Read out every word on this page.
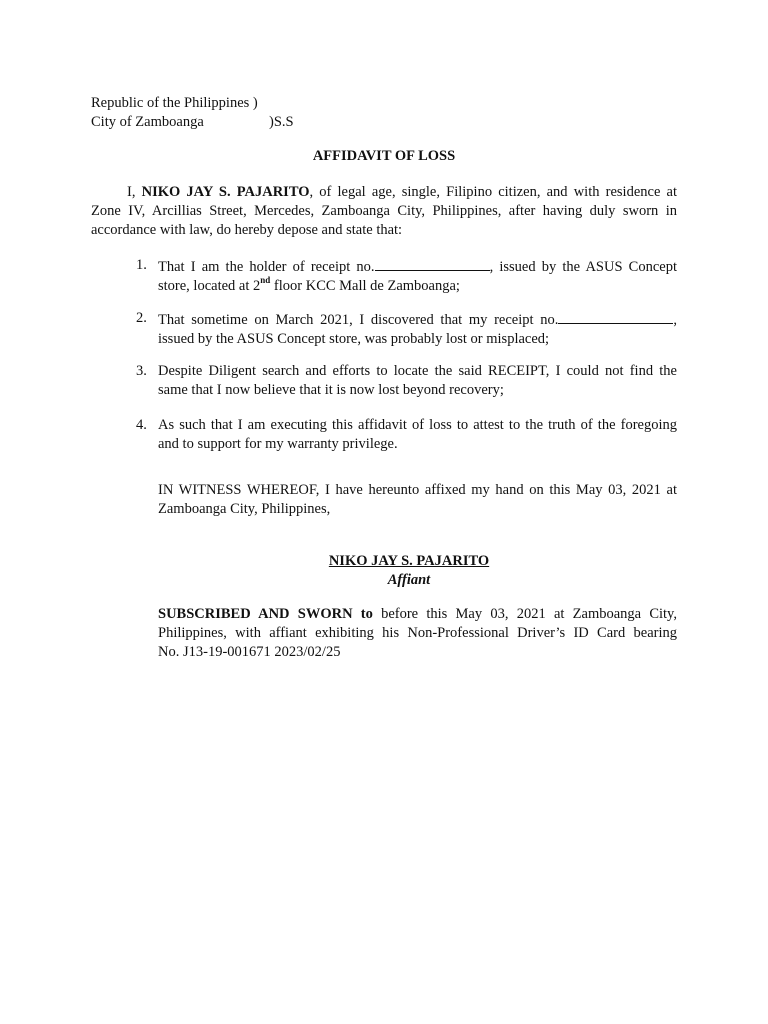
Republic of the Philippines )
City of Zamboanga	)S.S
AFFIDAVIT OF LOSS
I, NIKO JAY S. PAJARITO, of legal age, single, Filipino citizen, and with residence at
Zone IV, Arcillias Street, Mercedes, Zamboanga City, Philippines, after having duly sworn in
accordance with law, do hereby depose and state that:
1. That I am the holder of receipt no.	, issued by the ASUS Concept
store, located at 2nd floor KCC Mall de Zamboanga;
2. That sometime on March 2021, I discovered that my receipt no.	,
issued by the ASUS Concept store, was probably lost or misplaced;
3. Despite Diligent search and efforts to locate the said RECEIPT, I could not find the
same that I now believe that it is now lost beyond recovery;
4. As such that I am executing this affidavit of loss to attest to the truth of the foregoing
and to support for my warranty privilege.
IN WITNESS WHEREOF, I have hereunto affixed my hand on this May 03, 2021 at
Zamboanga City, Philippines,
NIKO JAY S. PAJARITO
Affiant
SUBSCRIBED AND SWORN to before this May 03, 2021 at Zamboanga City,
Philippines, with affiant exhibiting his Non-Professional Driver’s ID Card bearing
No. J13-19-001671 2023/02/25
